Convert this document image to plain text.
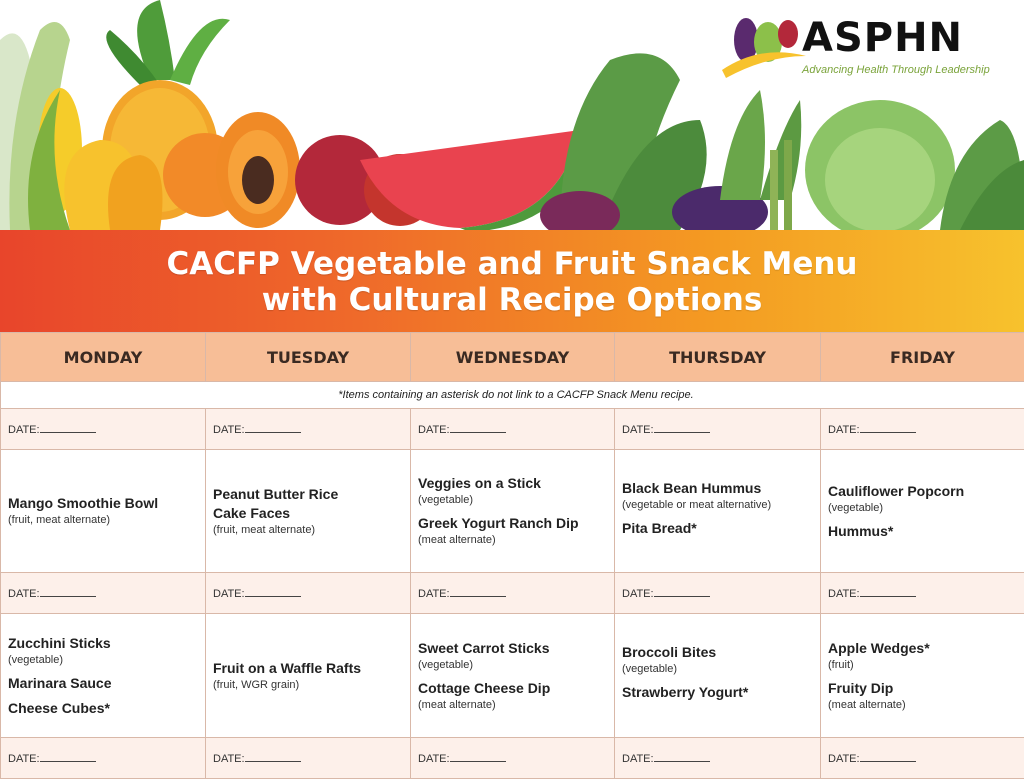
ASPHN
Advancing Health Through Leadership
CACFP Vegetable and Fruit Snack Menu
with Cultural Recipe Options
MONDAY	TUESDAY	WEDNESDAY	THURSDAY	FRIDAY
*Items containing an asterisk do not link to a CACFP Snack Menu recipe.				
DATE:	DATE:	DATE:	DATE:	DATE:

Mango Smoothie Bowl
(fruit, meat alternate)	Peanut Butter Rice
Cake Faces
(fruit, meat alternate)	Veggies on a Stick
(vegetable)
Greek Yogurt Ranch Dip
(meat alternate)	Black Bean Hummus
(vegetable or meat alternative)
Pita Bread*	Cauliflower Popcorn
(vegetable)
Hummus*

DATE:	DATE:	DATE:	DATE:	DATE:

Zucchini Sticks
(vegetable)
Marinara Sauce
Cheese Cubes*	Fruit on a Waffle Rafts
(fruit, WGR grain)	Sweet Carrot Sticks
(vegetable)
Cottage Cheese Dip
(meat alternate)	Broccoli Bites
(vegetable)
Strawberry Yogurt*	Apple Wedges*
(fruit)
Fruity Dip
(meat alternate)

DATE:	DATE:	DATE:	DATE:	DATE:
